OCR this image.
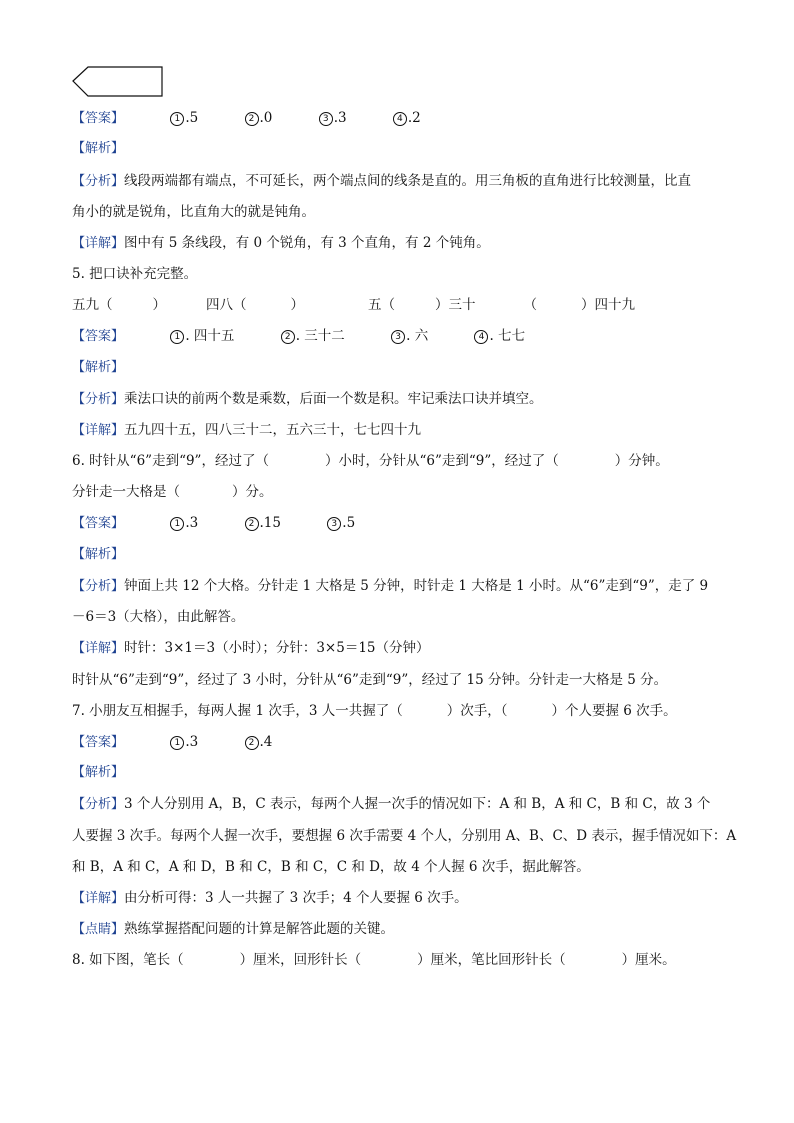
【答案】	1 .5	2 .0	3 .3	4 .2
【解析】
【分析】线段两端都有端点，不可延长，两个端点间的线条是直的。用三角板的直角进行比较测量，比直
角小的就是锐角，比直角大的就是钝角。
【详解】图中有 5 条线段，有 0 个锐角，有 3 个直角，有 2 个钝角。
5. 把口诀补充完整。
五九（	）	四八（	）	五（	）三十	（	）四十九
【答案】	1 . 四十五	2 . 三十二	3 . 六	4 . 七七
【解析】
【分析】乘法口诀的前两个数是乘数，后面一个数是积。牢记乘法口诀并填空。
【详解】五九四十五，四八三十二，五六三十，七七四十九
6. 时针从“6”走到“9”，经过了（	）小时，分针从“6”走到“9”，经过了（	）分钟。
分针走一大格是（	）分。
【答案】	1 .3	2 .15	3 .5
【解析】
【分析】钟面上共 12 个大格。分针走 1 大格是 5 分钟，时针走 1 大格是 1 小时。从“6”走到“9”，走了 9
－6＝3（大格），由此解答。
【详解】时针：3×1＝3（小时）；分针：3×5＝15（分钟）
时针从“6”走到“9”，经过了 3 小时，分针从“6”走到“9”，经过了 15 分钟。分针走一大格是 5 分。
7. 小朋友互相握手，每两人握 1 次手，3 人一共握了（	）次手，（	）个人要握 6 次手。
【答案】	1 .3	2 .4
【解析】
【分析】3 个人分别用 A，B，C 表示，每两个人握一次手的情况如下：A 和 B，A 和 C，B 和 C，故 3 个
人要握 3 次手。每两个人握一次手，要想握 6 次手需要 4 个人，分别用 A、B、C、D 表示，握手情况如下：A
和 B，A 和 C，A 和 D，B 和 C，B 和 C，C 和 D，故 4 个人握 6 次手，据此解答。
【详解】由分析可得：3 人一共握了 3 次手；4 个人要握 6 次手。
【点睛】熟练掌握搭配问题的计算是解答此题的关键。
8. 如下图，笔长（	）厘米，回形针长（	）厘米，笔比回形针长（	）厘米。
